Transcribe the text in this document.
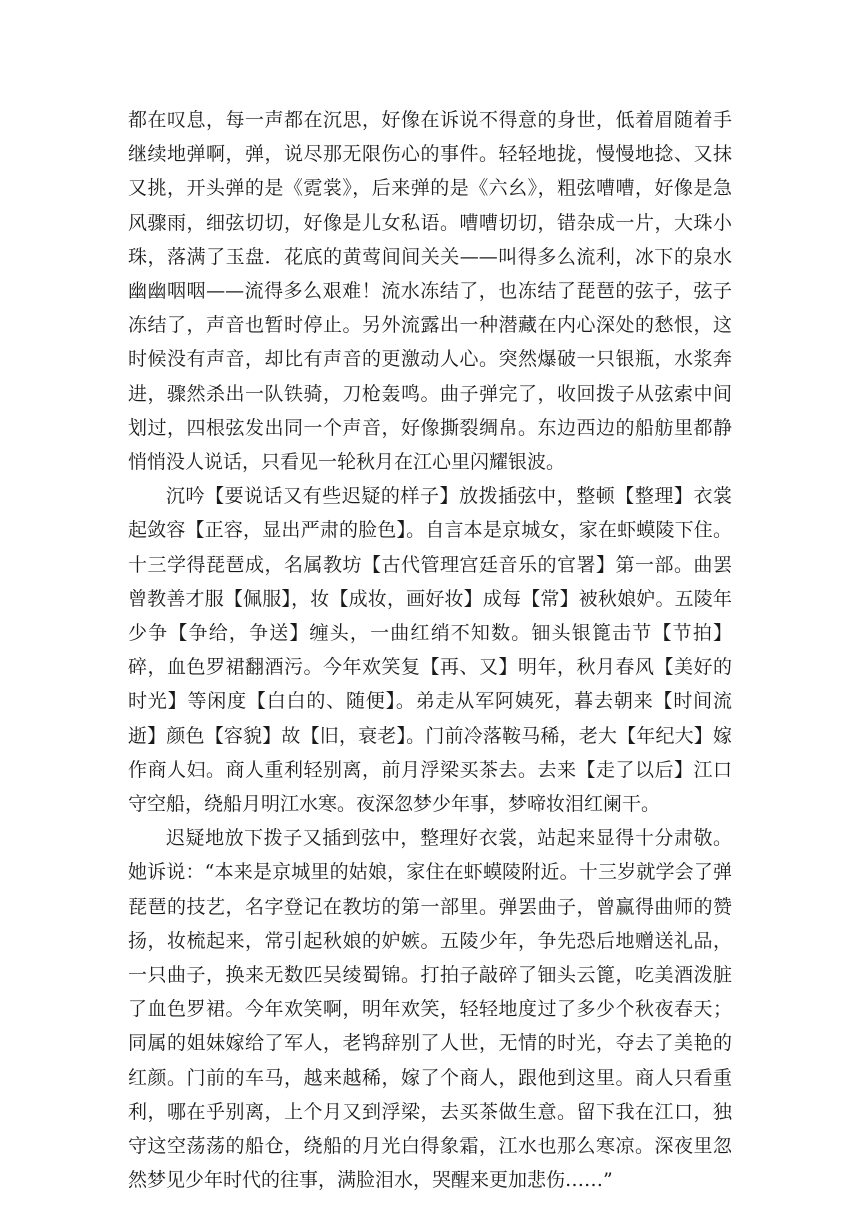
都在叹息，每一声都在沉思，好像在诉说不得意的身世，低着眉随着手继续地弹啊，弹，说尽那无限伤心的事件。轻轻地拢，慢慢地捻、又抹又挑，开头弹的是《霓裳》，后来弹的是《六幺》，粗弦嘈嘈，好像是急风骤雨，细弦切切，好像是儿女私语。嘈嘈切切，错杂成一片，大珠小珠，落满了玉盘．花底的黄莺间间关关——叫得多么流利，冰下的泉水幽幽咽咽——流得多么艰难！流水冻结了，也冻结了琵琶的弦子，弦子冻结了，声音也暂时停止。另外流露出一种潜藏在内心深处的愁恨，这时候没有声音，却比有声音的更激动人心。突然爆破一只银瓶，水浆奔进，骤然杀出一队铁骑，刀枪轰鸣。曲子弹完了，收回拨子从弦索中间划过，四根弦发出同一个声音，好像撕裂绸帛。东边西边的船舫里都静悄悄没人说话，只看见一轮秋月在江心里闪耀银波。

沉吟【要说话又有些迟疑的样子】放拨插弦中，整顿【整理】衣裳起敛容【正容，显出严肃的脸色】。自言本是京城女，家在虾蟆陵下住。十三学得琵琶成，名属教坊【古代管理宫廷音乐的官署】第一部。曲罢曾教善才服【佩服】，妆【成妆，画好妆】成每【常】被秋娘妒。五陵年少争【争给，争送】缠头，一曲红绡不知数。钿头银篦击节【节拍】碎，血色罗裙翻酒污。今年欢笑复【再、又】明年，秋月春风【美好的时光】等闲度【白白的、随便】。弟走从军阿姨死，暮去朝来【时间流逝】颜色【容貌】故【旧，衰老】。门前冷落鞍马稀，老大【年纪大】嫁作商人妇。商人重利轻别离，前月浮梁买茶去。去来【走了以后】江口守空船，绕船月明江水寒。夜深忽梦少年事，梦啼妆泪红阑干。

迟疑地放下拨子又插到弦中，整理好衣裳，站起来显得十分肃敬。她诉说：“本来是京城里的姑娘，家住在虾蟆陵附近。十三岁就学会了弹琵琶的技艺，名字登记在教坊的第一部里。弹罢曲子，曾赢得曲师的赞扬，妆梳起来，常引起秋娘的妒嫉。五陵少年，争先恐后地赠送礼品，一只曲子，换来无数匹吴绫蜀锦。打拍子敲碎了钿头云篦，吃美酒泼脏了血色罗裙。今年欢笑啊，明年欢笑，轻轻地度过了多少个秋夜春天；同属的姐妹嫁给了军人，老鸨辞别了人世，无情的时光，夺去了美艳的红颜。门前的车马，越来越稀，嫁了个商人，跟他到这里。商人只看重利，哪在乎别离，上个月又到浮梁，去买茶做生意。留下我在江口，独守这空荡荡的船仓，绕船的月光白得象霜，江水也那么寒凉。深夜里忽然梦见少年时代的往事，满脸泪水，哭醒来更加悲伤……”
